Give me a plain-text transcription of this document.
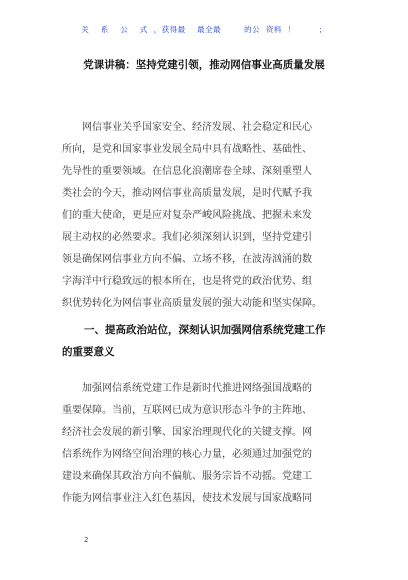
关    系    公    式  ，获得最    最全最        的公  资料  ！        ；
党课讲稿：坚持党建引领，推动网信事业高质量发展

网信事业关乎国家安全、经济发展、社会稳定和民心

所向，是党和国家事业发展全局中具有战略性、基础性、

先导性的重要领域。在信息化浪潮席卷全球、深刻重塑人

类社会的今天，推动网信事业高质量发展，是时代赋予我

们的重大使命，更是应对复杂严峻风险挑战、把握未来发

展主动权的必然要求。我们必须深刻认识到，坚持党建引

领是确保网信事业方向不偏、立场不移，在波涛汹涌的数

字海洋中行稳致远的根本所在，也是将党的政治优势、组

织优势转化为网信事业高质量发展的强大动能和坚实保障。

一、提高政治站位，深刻认识加强网信系统党建工作

的重要意义

加强网信系统党建工作是新时代推进网络强国战略的

重要保障。当前，互联网已成为意识形态斗争的主阵地、

经济社会发展的新引擎、国家治理现代化的关键支撑。网

信系统作为网络空间治理的核心力量，必须通过加强党的

建设来确保其政治方向不偏航、服务宗旨不动摇。党建工

作能为网信事业注入红色基因，使技术发展与国家战略同

2
